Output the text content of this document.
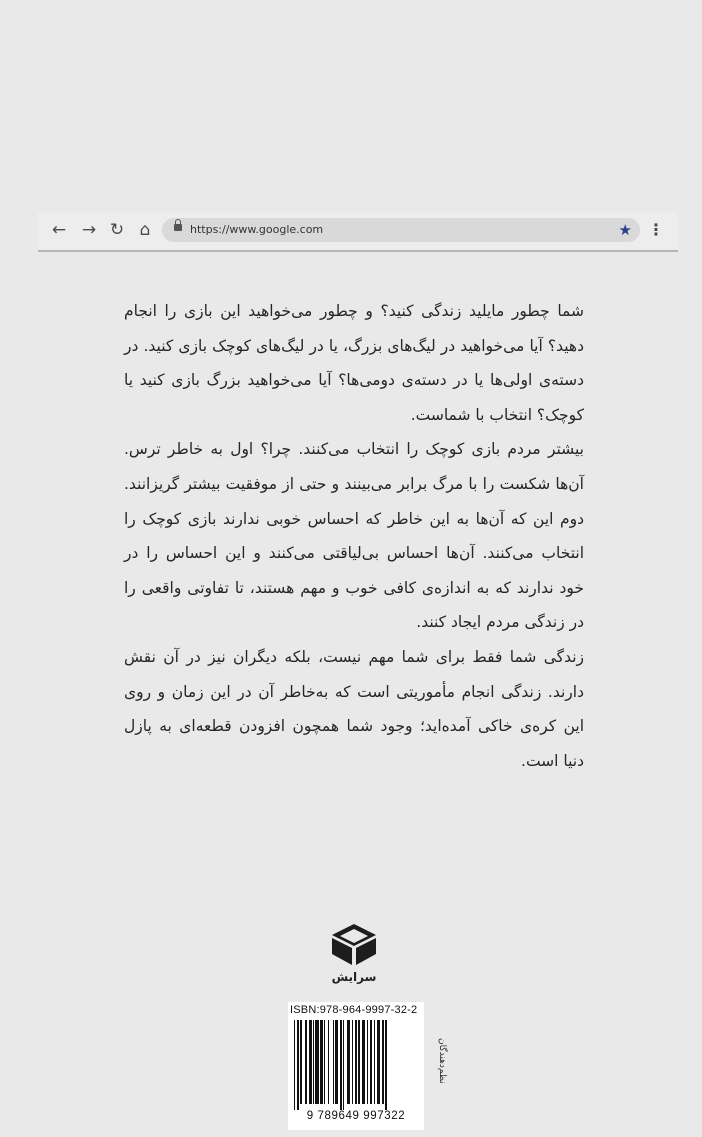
← → ↻ ⌂	https://www.google.com	★ ⋮

شما چطور مایلید زندگی کنید؟ و چطور می‌خواهید این بازی را انجام دهید؟ آیا می‌خواهید در لیگ‌های بزرگ، یا در لیگ‌های کوچک بازی کنید. در دسته‌ی اولی‌ها یا در دسته‌ی دومی‌ها؟ آیا می‌خواهید بزرگ بازی کنید یا کوچک؟ انتخاب با شماست.

بیشتر مردم بازی کوچک را انتخاب می‌کنند. چرا؟ اول به خاطر ترس. آن‌ها شکست را با مرگ برابر می‌بینند و حتی از موفقیت بیشتر گریزانند. دوم این که آن‌ها به این خاطر که احساس خوبی ندارند بازی کوچک را انتخاب می‌کنند. آن‌ها احساس بی‌لیاقتی می‌کنند و این احساس را در خود ندارند که به اندازه‌ی کافی خوب و مهم هستند، تا تفاوتی واقعی را در زندگی مردم ایجاد کنند.

زندگی شما فقط برای شما مهم نیست، بلکه دیگران نیز در آن نقش دارند. زندگی انجام مأموریتی است که به‌خاطر آن در این زمان و روی این کره‌ی خاکی آمده‌اید؛ وجود شما همچون افزودن قطعه‌ای به پازل دنیا است.

سرایش
ISBN:978-964-9997-32-2
9 789649 997322
نظم‌دهندگان
